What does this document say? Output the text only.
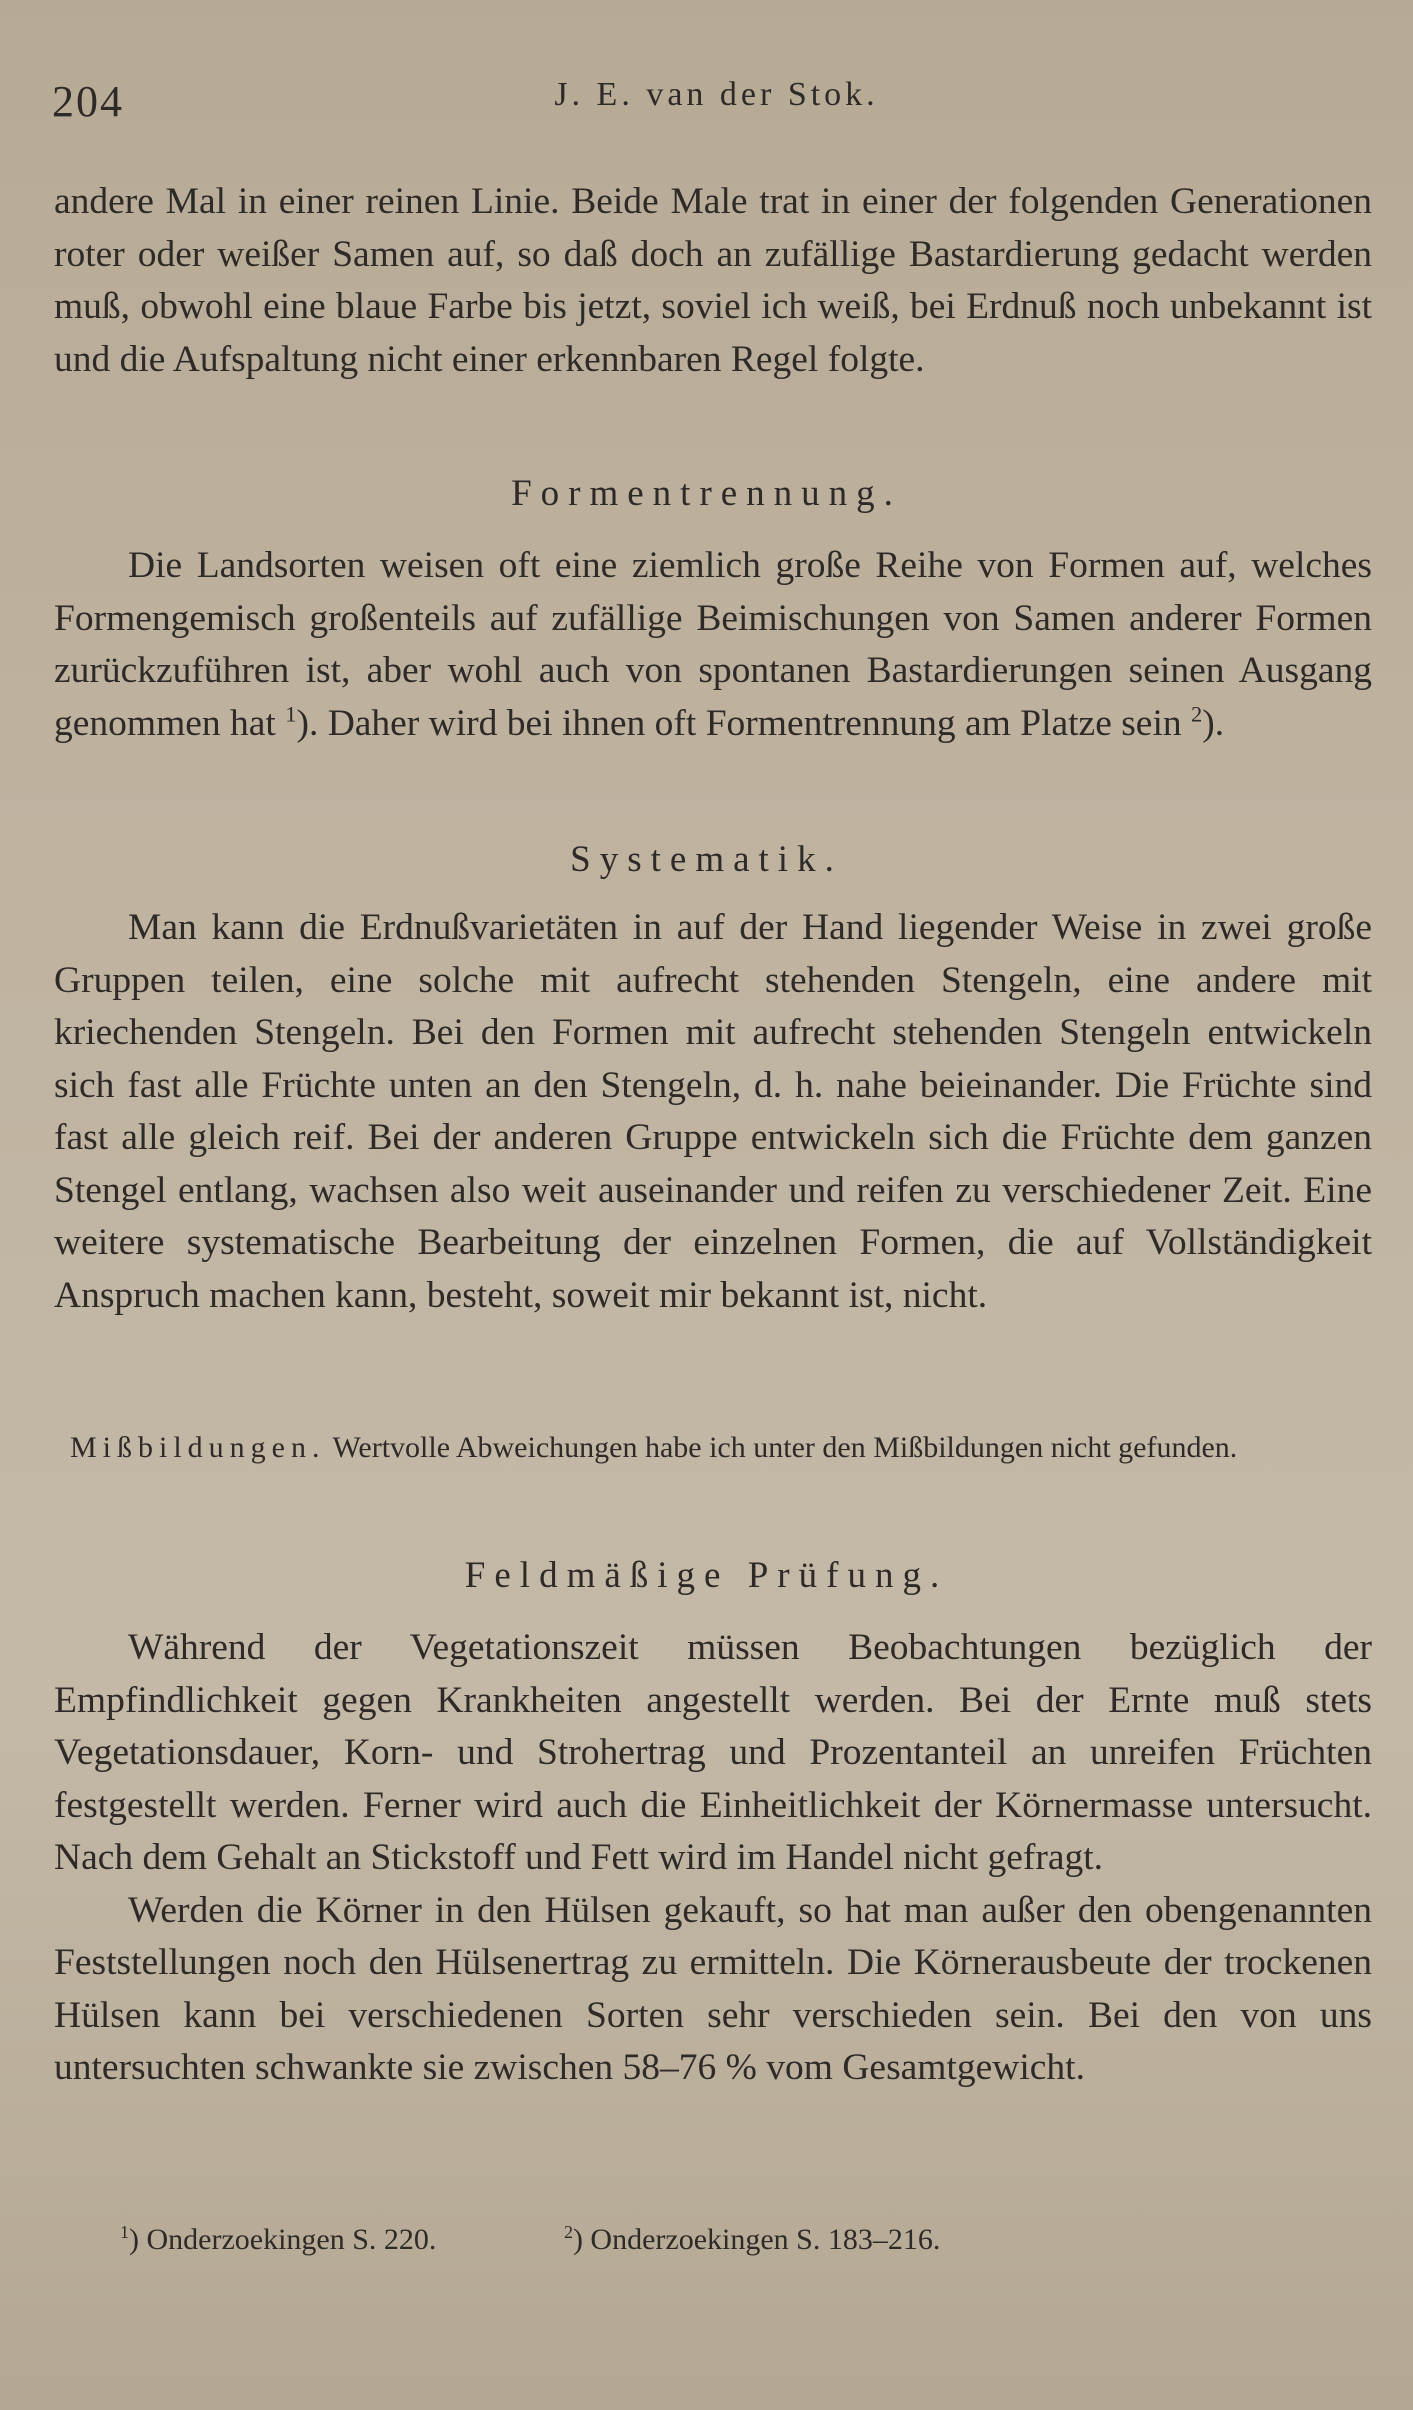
204	J. E. van der Stok.

andere Mal in einer reinen Linie. Beide Male trat in einer der folgenden Generationen roter oder weißer Samen auf, so daß doch an zufällige Bastardierung gedacht werden muß, obwohl eine blaue Farbe bis jetzt, soviel ich weiß, bei Erdnuß noch unbekannt ist und die Aufspaltung nicht einer erkennbaren Regel folgte.

Formentrennung.

Die Landsorten weisen oft eine ziemlich große Reihe von Formen auf, welches Formengemisch großenteils auf zufällige Beimischungen von Samen anderer Formen zurückzuführen ist, aber wohl auch von spontanen Bastardierungen seinen Ausgang genommen hat $^1$). Daher wird bei ihnen oft Formentrennung am Platze sein $^2$).

Systematik.

Man kann die Erdnußvarietäten in auf der Hand liegender Weise in zwei große Gruppen teilen, eine solche mit aufrecht stehenden Stengeln, eine andere mit kriechenden Stengeln. Bei den Formen mit aufrecht stehenden Stengeln entwickeln sich fast alle Früchte unten an den Stengeln, d. h. nahe beieinander. Die Früchte sind fast alle gleich reif. Bei der anderen Gruppe entwickeln sich die Früchte dem ganzen Stengel entlang, wachsen also weit auseinander und reifen zu verschiedener Zeit. Eine weitere systematische Bearbeitung der einzelnen Formen, die auf Vollständigkeit Anspruch machen kann, besteht, soweit mir bekannt ist, nicht.

Mißbildungen. Wertvolle Abweichungen habe ich unter den Mißbildungen nicht gefunden.
Feldmäßige Prüfung.

Während der Vegetationszeit müssen Beobachtungen bezüglich der Empfindlichkeit gegen Krankheiten angestellt werden. Bei der Ernte muß stets Vegetationsdauer, Korn- und Strohertrag und Prozentanteil an unreifen Früchten festgestellt werden. Ferner wird auch die Einheitlichkeit der Körnermasse untersucht. Nach dem Gehalt an Stickstoff und Fett wird im Handel nicht gefragt.

Werden die Körner in den Hülsen gekauft, so hat man außer den obengenannten Feststellungen noch den Hülsenertrag zu ermitteln. Die Körnerausbeute der trockenen Hülsen kann bei verschiedenen Sorten sehr verschieden sein. Bei den von uns untersuchten schwankte sie zwischen 58–76 % vom Gesamtgewicht.

$^1$) Onderzoekingen S. 220.	$^2$) Onderzoekingen S. 183–216.
